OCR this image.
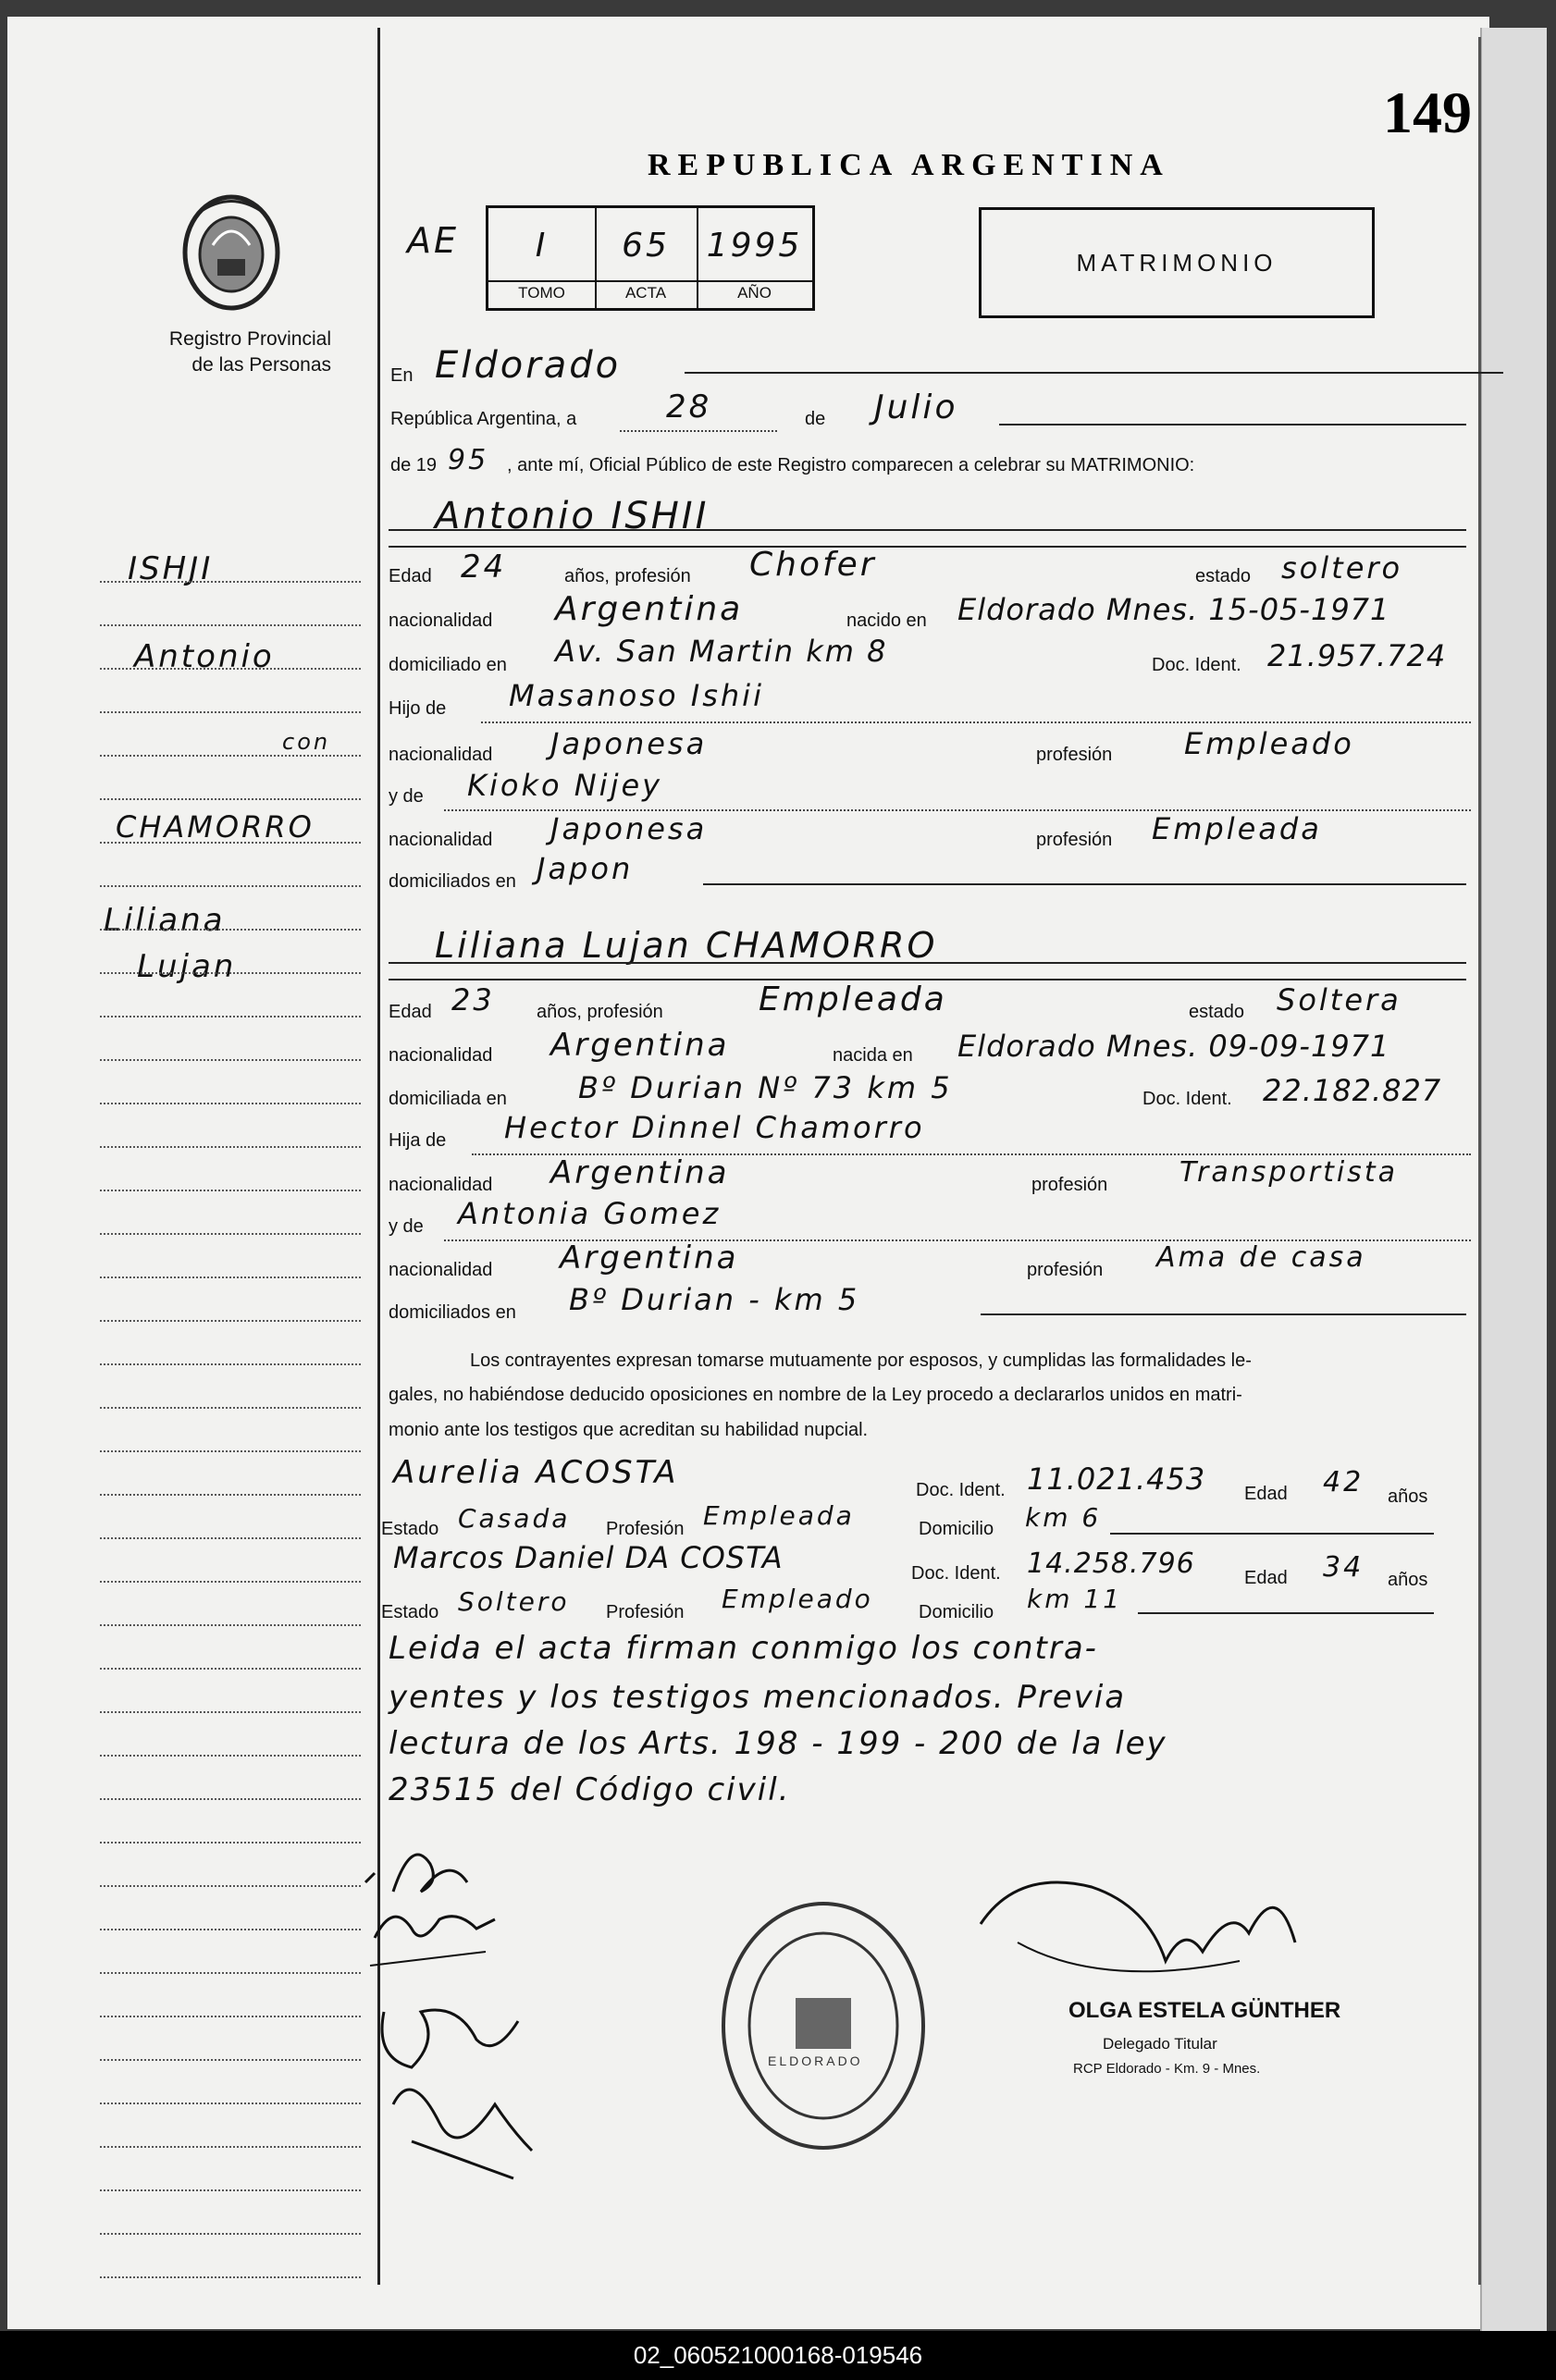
149
REPUBLICA ARGENTINA
Registro Provincial
de las Personas
AE	I	65	1995
TOMO	ACTA	AÑO
MATRIMONIO
ISHJI
Antonio
con
CHAMORRO
Liliana
Lujan
En Eldorado
República Argentina, a	28	de Julio
de 19 95 , ante mí, Oficial Público de este Registro comparecen a celebrar su MATRIMONIO:
Antonio ISHII
Edad 24	años, profesión Chofer	estado soltero
nacionalidad Argentina	nacido en Eldorado Mnes. 15-05-1971
domiciliado en Av. San Martin km 8	Doc. Ident. 21.957.724
Hijo de Masanoso Ishii
nacionalidad Japonesa	profesión Empleado
y de Kioko Nijey
nacionalidad Japonesa	profesión Empleada
domiciliados en Japon
Liliana Lujan CHAMORRO
Edad 23 años, profesión	Empleada	estado Soltera
nacionalidad Argentina	nacida en Eldorado Mnes. 09-09-1971
domiciliada en Bº Durian Nº 73 km 5	Doc. Ident. 22.182.827
Hija de Hector Dinnel Chamorro
nacionalidad Argentina	profesión	Transportista
y de Antonia Gomez
nacionalidad Argentina	profesión Ama de casa
domiciliados en Bº Durian - km 5
Los contrayentes expresan tomarse mutuamente por esposos, y cumplidas las formalidades le-
gales, no habiéndose deducido oposiciones en nombre de la Ley procedo a declararlos unidos en matri-
monio ante los testigos que acreditan su habilidad nupcial.
Aurelia ACOSTA	Doc. Ident. 11.021.453 Edad 42 años
Estado Casada Profesión Empleada	Domicilio km 6
Marcos Daniel DA COSTA	Doc. Ident. 14.258.796	Edad 34 años
Estado Soltero Profesión Empleado Domicilio km 11
Leida el acta firman conmigo los contra-
yentes y los testigos mencionados. Previa
lectura de los Arts. 198 - 199 - 200 de la ley
23515 del Código civil.
ELDORADO
OLGA ESTELA GÜNTHER
Delegado Titular
RCP Eldorado - Km. 9 - Mnes.
02_060521000168-019546
